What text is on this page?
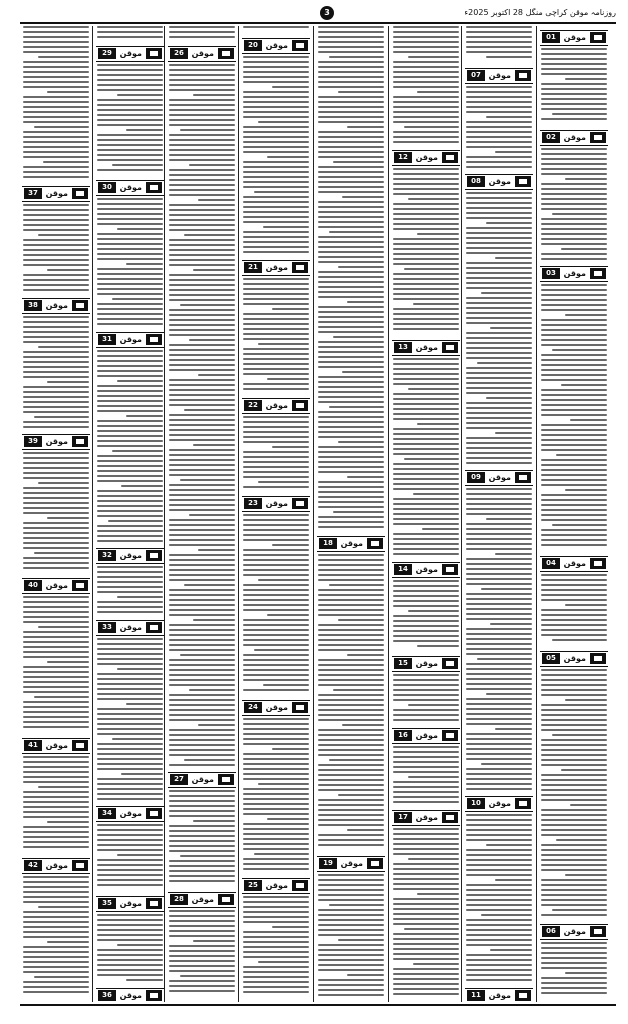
روزنامہ موقن کراچی منگل 28 اکتوبر 2025ء
3
01 موقن
02 موقن
03 موقن
04 موقن
05 موقن
06 موقن
07 موقن
08 موقن
09 موقن
10 موقن
11 موقن
12 موقن
13 موقن
14 موقن
15 موقن
16 موقن
17 موقن
18 موقن
19 موقن
20 موقن
21 موقن
22 موقن
23 موقن
24 موقن
25 موقن
26 موقن
27 موقن
28 موقن
29 موقن
30 موقن
31 موقن
32 موقن
33 موقن
34 موقن
35 موقن
36 موقن
37 موقن
38 موقن
39 موقن
40 موقن
41 موقن
42 موقن
